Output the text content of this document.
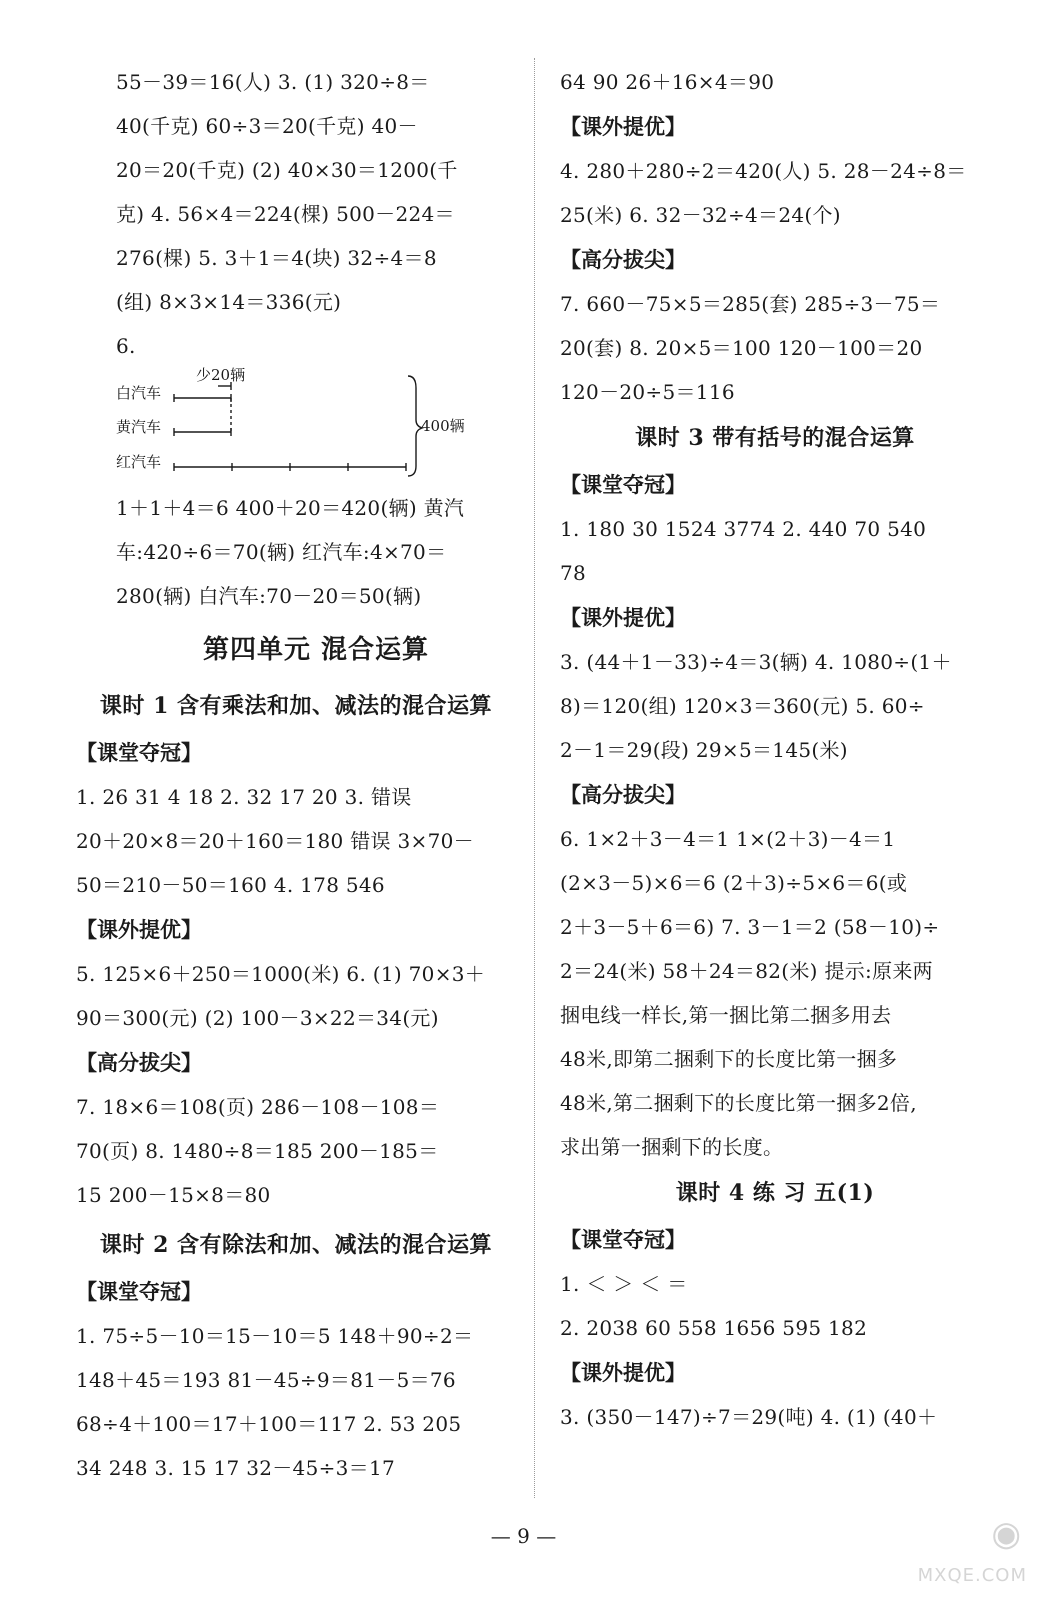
55－39＝16(人) 3. (1) 320÷8＝
40(千克) 60÷3＝20(千克) 40－
20＝20(千克) (2) 40×30＝1200(千
克) 4. 56×4＝224(棵) 500－224＝
276(棵) 5. 3＋1＝4(块) 32÷4＝8
(组) 8×3×14＝336(元)
6.
白汽车
黄汽车
红汽车
少20辆
400辆
1＋1＋4＝6 400＋20＝420(辆) 黄汽
车:420÷6＝70(辆) 红汽车:4×70＝
280(辆) 白汽车:70－20＝50(辆)
第四单元 混合运算
课时 1 含有乘法和加、减法的混合运算
【课堂夺冠】
1. 26 31 4 18 2. 32 17 20 3. 错误
20＋20×8＝20＋160＝180 错误 3×70－
50＝210－50＝160 4. 178 546
【课外提优】
5. 125×6＋250＝1000(米) 6. (1) 70×3＋
90＝300(元) (2) 100－3×22＝34(元)
【高分拔尖】
7. 18×6＝108(页) 286－108－108＝
70(页) 8. 1480÷8＝185 200－185＝
15 200－15×8＝80
课时 2 含有除法和加、减法的混合运算
【课堂夺冠】
1. 75÷5－10＝15－10＝5 148＋90÷2＝
148＋45＝193 81－45÷9＝81－5＝76
68÷4＋100＝17＋100＝117 2. 53 205
34 248 3. 15 17 32－45÷3＝17
64 90 26＋16×4＝90
【课外提优】
4. 280＋280÷2＝420(人) 5. 28－24÷8＝
25(米) 6. 32－32÷4＝24(个)
【高分拔尖】
7. 660－75×5＝285(套) 285÷3－75＝
20(套) 8. 20×5＝100 120－100＝20
120－20÷5＝116
课时 3 带有括号的混合运算
【课堂夺冠】
1. 180 30 1524 3774 2. 440 70 540
78
【课外提优】
3. (44＋1－33)÷4＝3(辆) 4. 1080÷(1＋
8)＝120(组) 120×3＝360(元) 5. 60÷
2－1＝29(段) 29×5＝145(米)
【高分拔尖】
6. 1×2＋3－4＝1 1×(2＋3)－4＝1
(2×3－5)×6＝6 (2＋3)÷5×6＝6(或
2＋3－5＋6＝6) 7. 3－1＝2 (58－10)÷
2＝24(米) 58＋24＝82(米) 提示:原来两
捆电线一样长,第一捆比第二捆多用去
48米,即第二捆剩下的长度比第一捆多
48米,第二捆剩下的长度比第一捆多2倍,
求出第一捆剩下的长度。
课时 4 练 习 五(1)
【课堂夺冠】
1. ＜ ＞ ＜ ＝
2. 2038 60 558 1656 595 182
【课外提优】
3. (350－147)÷7＝29(吨) 4. (1) (40＋
— 9 —	◉
MXQE.COM
